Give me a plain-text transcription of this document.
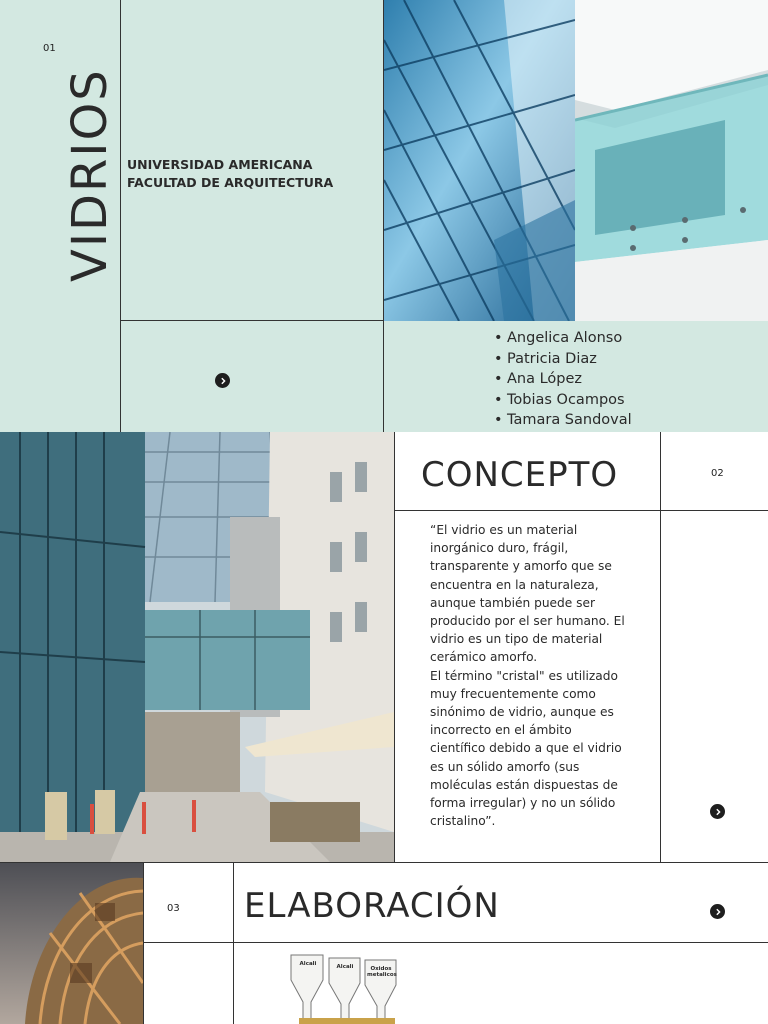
01
VIDRIOS UNIVERSIDAD AMERICANA
FACULTAD DE ARQUITECTURA
• Angelica Alonso
• Patricia Diaz
• Ana López
• Tobias Ocampos
• Tamara Sandoval
CONCEPTO	02
“El vidrio es un material inorgánico duro, frágil, transparente y amorfo que se encuentra en la naturaleza, aunque también puede ser producido por el ser humano. El vidrio es un tipo de material cerámico amorfo.
El término "cristal" es utilizado muy frecuentemente como sinónimo de vidrio, aunque es incorrecto en el ámbito científico debido a que el vidrio es un sólido amorfo (sus moléculas están dispuestas de forma irregular) y no un sólido cristalino”.
03 ELABORACIÓN
Alcali	Alcali	Oxidos metalicos
